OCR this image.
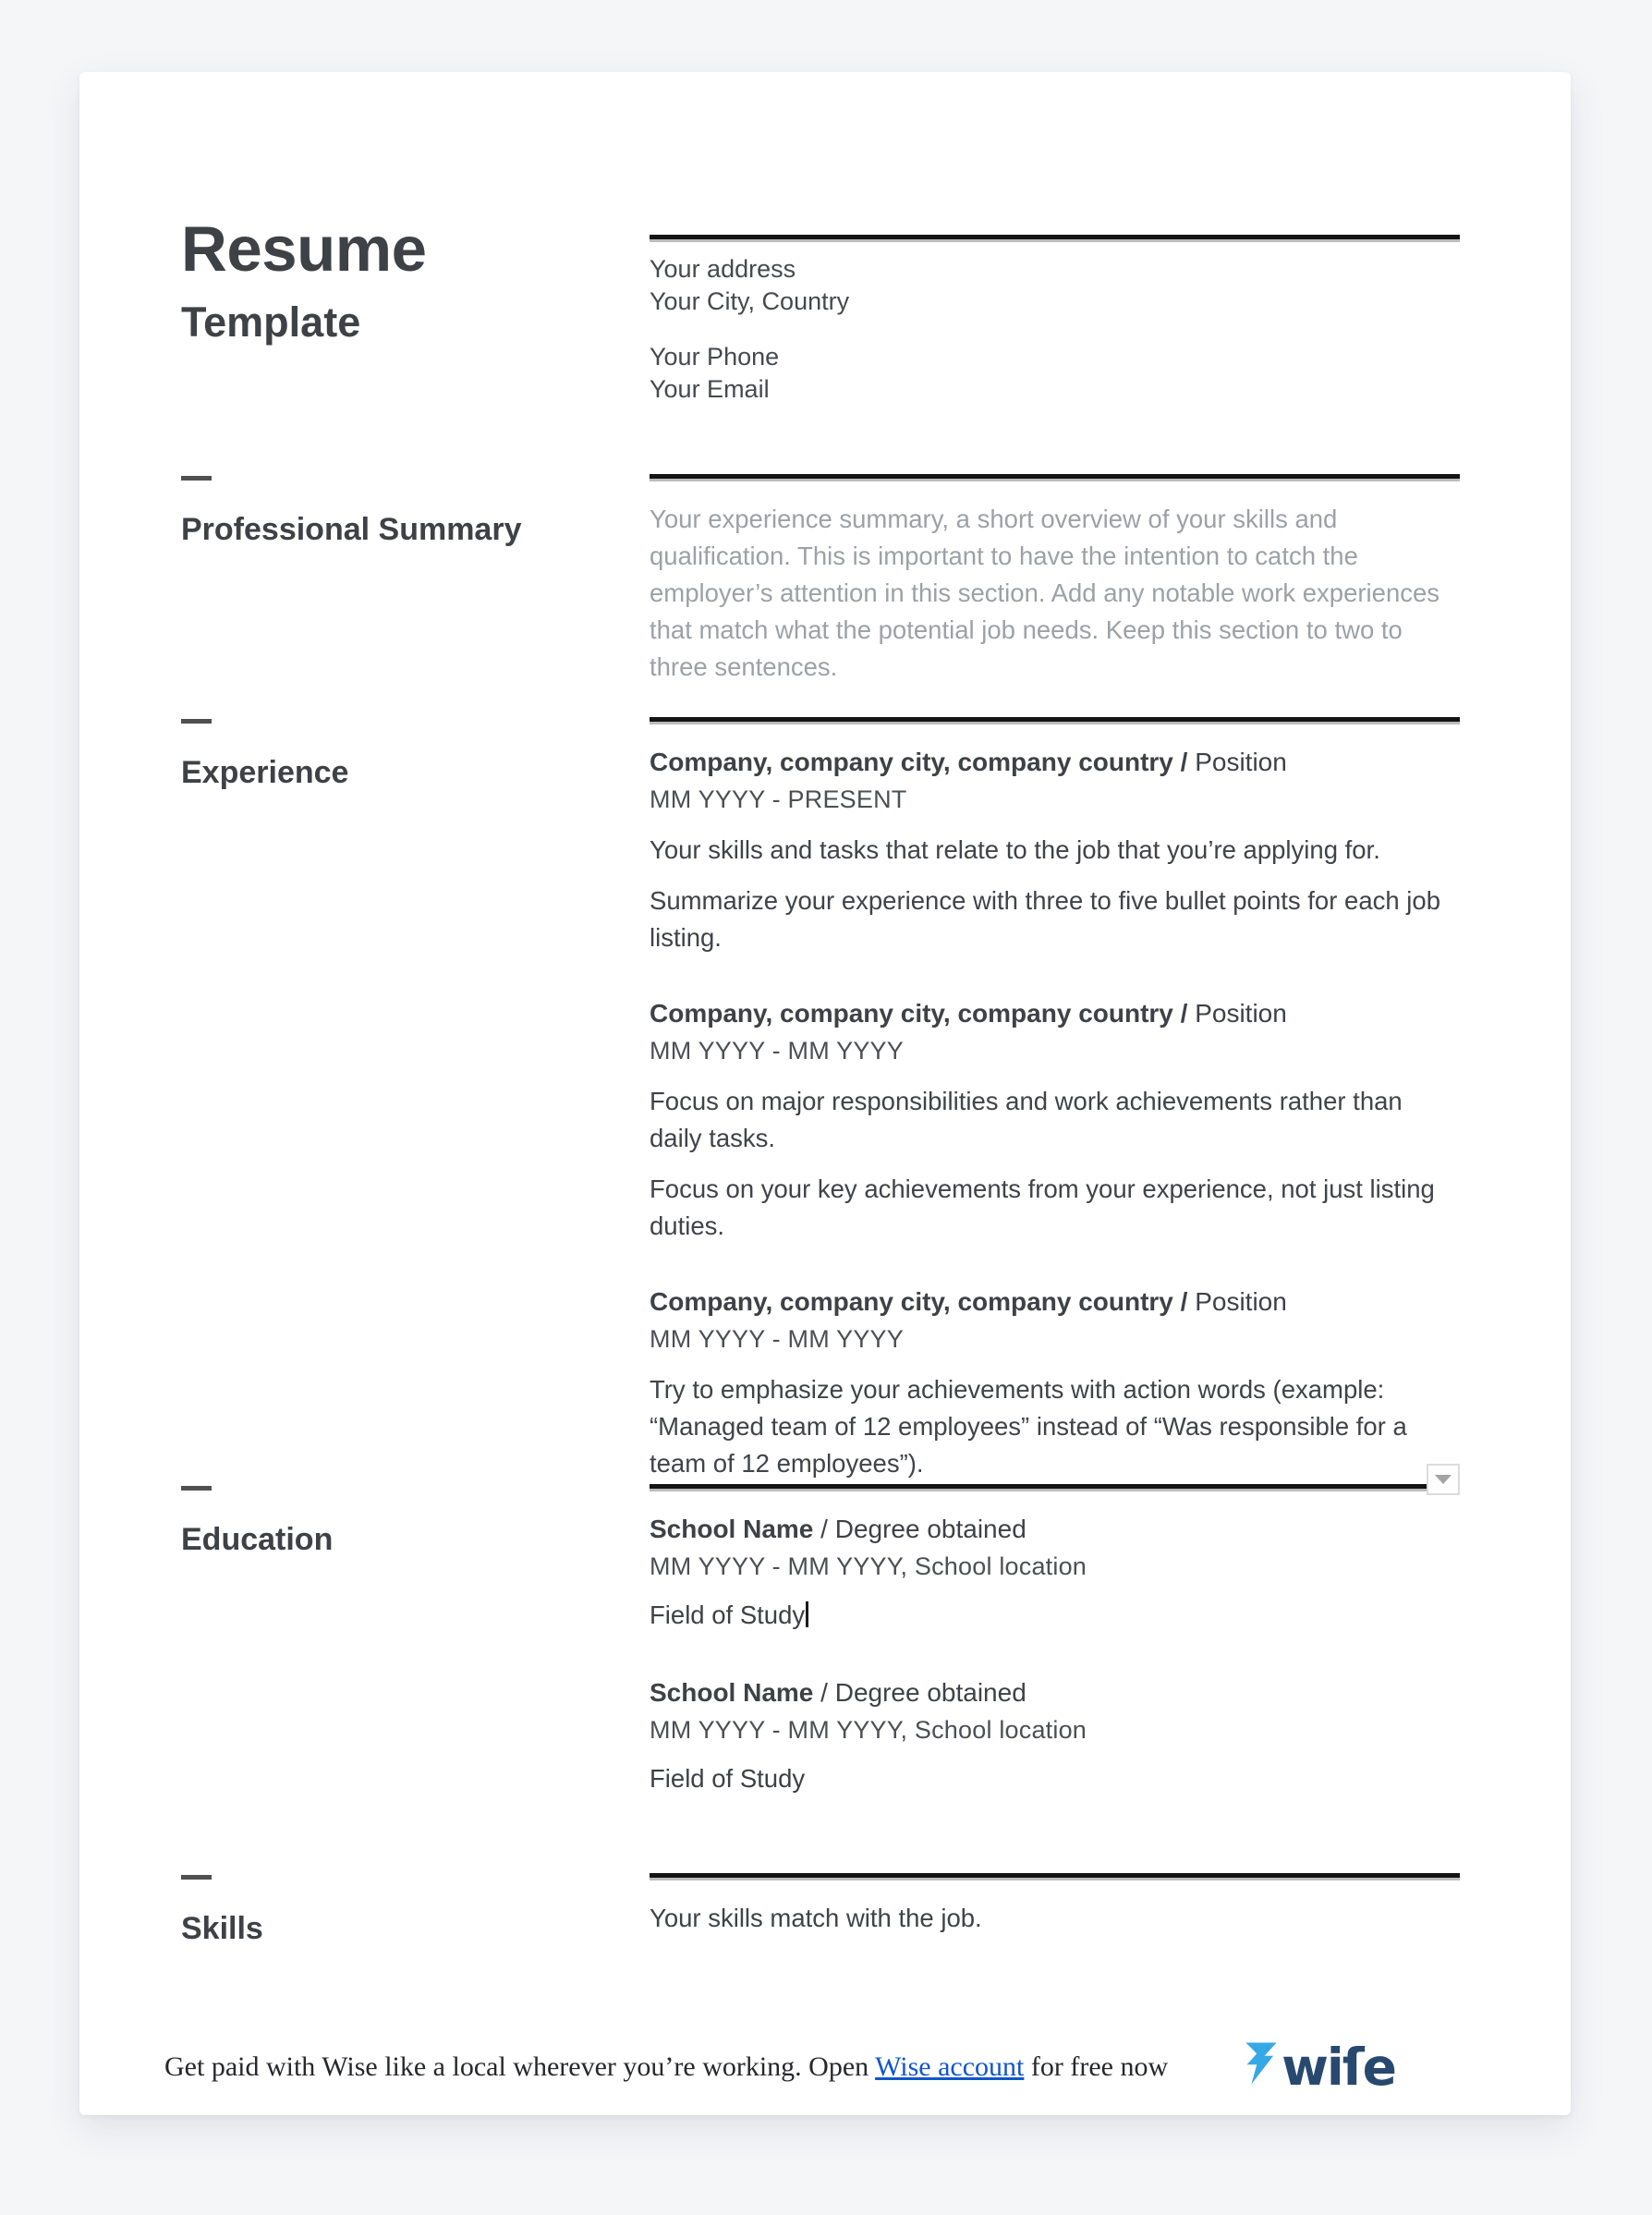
Resume
Template
Your address
Your City, Country
Your Phone
Your Email
Professional Summary	Your experience summary, a short overview of your skills and qualification. This is important to have the intention to catch the employer’s attention in this section. Add any notable work experiences that match what the potential job needs. Keep this section to two to three sentences.
Experience	Company, company city, company country / Position
MM YYYY - PRESENT
Your skills and tasks that relate to the job that you’re applying for.
Summarize your experience with three to five bullet points for each job listing.
Company, company city, company country / Position
MM YYYY - MM YYYY
Focus on major responsibilities and work achievements rather than daily tasks.
Focus on your key achievements from your experience, not just listing duties.
Company, company city, company country / Position
MM YYYY - MM YYYY
Try to emphasize your achievements with action words (example: “Managed team of 12 employees” instead of “Was responsible for a team of 12 employees”).
Education	School Name / Degree obtained
MM YYYY - MM YYYY, School location
Field of Study
School Name / Degree obtained
MM YYYY - MM YYYY, School location
Field of Study
Skills	Your skills match with the job.
Get paid with Wise like a local wherever you’re working. Open Wise account for free now wiſe
